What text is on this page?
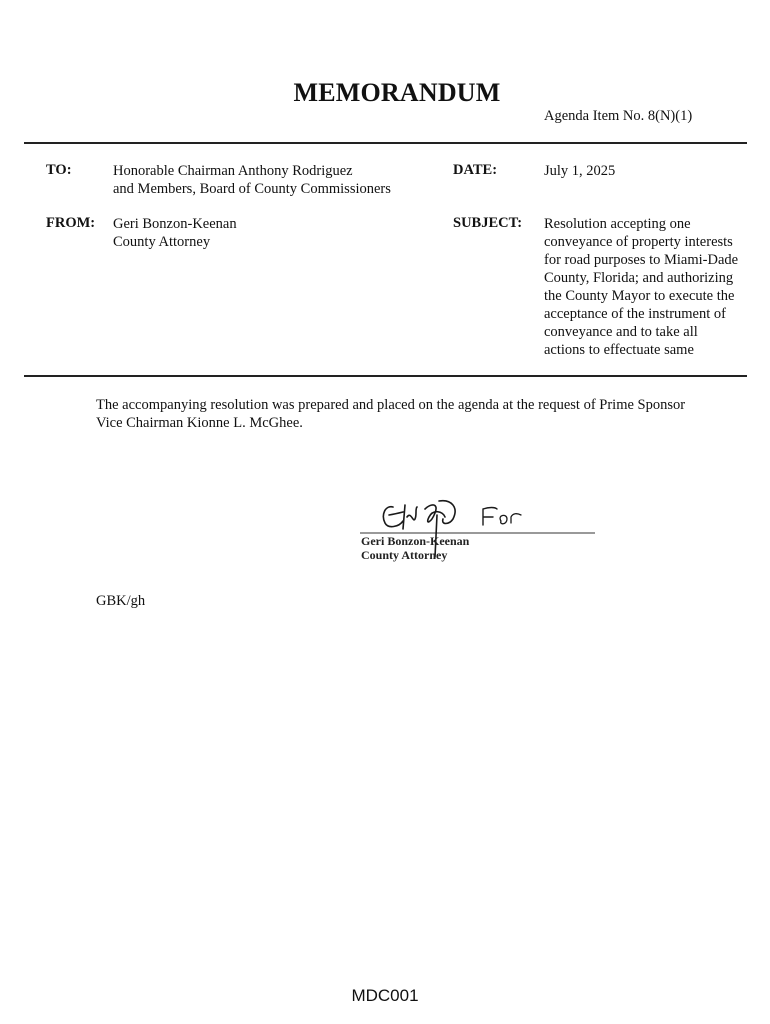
MEMORANDUM
Agenda Item No. 8(N)(1)
TO:	Honorable Chairman Anthony Rodriguez
and Members, Board of County Commissioners
DATE:	July 1, 2025
FROM: Geri Bonzon-Keenan
County Attorney
SUBJECT: Resolution accepting one
conveyance of property interests
for road purposes to Miami-Dade
County, Florida; and authorizing
the County Mayor to execute the
acceptance of the instrument of
conveyance and to take all
actions to effectuate same
The accompanying resolution was prepared and placed on the agenda at the request of Prime Sponsor
Vice Chairman Kionne L. McGhee.
Geri Bonzon-Keenan
County Attorney
GBK/gh
MDC001
